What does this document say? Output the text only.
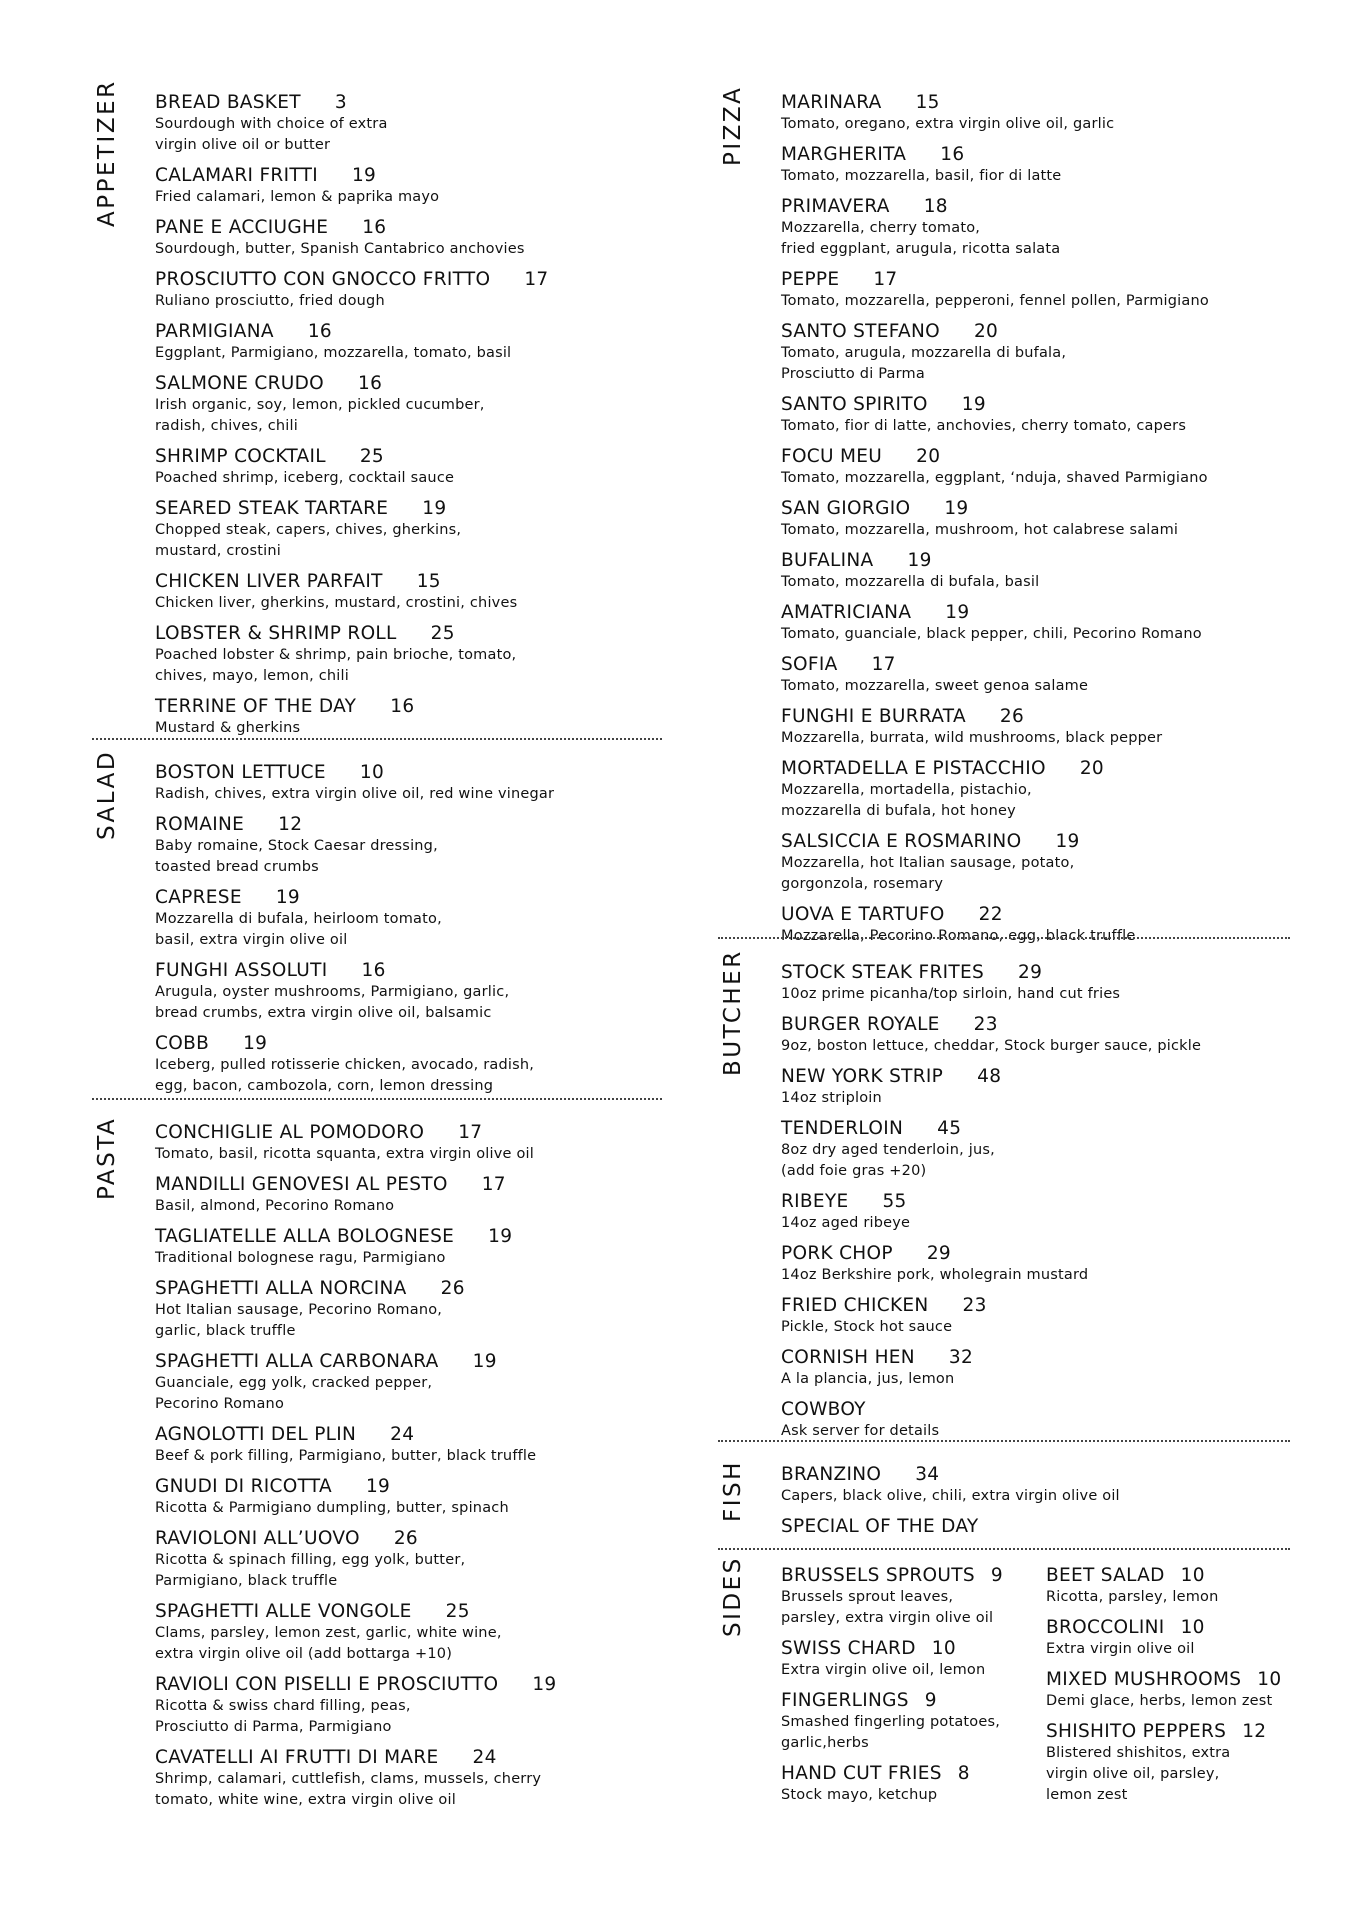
APPETIZER BREAD BASKET 3
Sourdough with choice of extra
virgin olive oil or butter
CALAMARI FRITTI 19
Fried calamari, lemon & paprika mayo
PANE E ACCIUGHE 16
Sourdough, butter, Spanish Cantabrico anchovies
PROSCIUTTO CON GNOCCO FRITTO 17
Ruliano prosciutto, fried dough
PARMIGIANA 16
Eggplant, Parmigiano, mozzarella, tomato, basil
SALMONE CRUDO 16
Irish organic, soy, lemon, pickled cucumber,
radish, chives, chili
SHRIMP COCKTAIL 25
Poached shrimp, iceberg, cocktail sauce
SEARED STEAK TARTARE 19
Chopped steak, capers, chives, gherkins,
mustard, crostini
CHICKEN LIVER PARFAIT 15
Chicken liver, gherkins, mustard, crostini, chives
LOBSTER & SHRIMP ROLL 25
Poached lobster & shrimp, pain brioche, tomato,
chives, mayo, lemon, chili
TERRINE OF THE DAY 16
Mustard & gherkins
SALAD BOSTON LETTUCE 10
Radish, chives, extra virgin olive oil, red wine vinegar
ROMAINE 12
Baby romaine, Stock Caesar dressing,
toasted bread crumbs
CAPRESE 19
Mozzarella di bufala, heirloom tomato,
basil, extra virgin olive oil
FUNGHI ASSOLUTI 16
Arugula, oyster mushrooms, Parmigiano, garlic,
bread crumbs, extra virgin olive oil, balsamic
COBB 19
Iceberg, pulled rotisserie chicken, avocado, radish,
egg, bacon, cambozola, corn, lemon dressing
PASTA CONCHIGLIE AL POMODORO 17
Tomato, basil, ricotta squanta, extra virgin olive oil
MANDILLI GENOVESI AL PESTO 17
Basil, almond, Pecorino Romano
TAGLIATELLE ALLA BOLOGNESE 19
Traditional bolognese ragu, Parmigiano
SPAGHETTI ALLA NORCINA 26
Hot Italian sausage, Pecorino Romano,
garlic, black truffle
SPAGHETTI ALLA CARBONARA 19
Guanciale, egg yolk, cracked pepper,
Pecorino Romano
AGNOLOTTI DEL PLIN 24
Beef & pork filling, Parmigiano, butter, black truffle
GNUDI DI RICOTTA 19
Ricotta & Parmigiano dumpling, butter, spinach
RAVIOLONI ALL’UOVO 26
Ricotta & spinach filling, egg yolk, butter,
Parmigiano, black truffle
SPAGHETTI ALLE VONGOLE 25
Clams, parsley, lemon zest, garlic, white wine,
extra virgin olive oil (add bottarga +10)
RAVIOLI CON PISELLI E PROSCIUTTO 19
Ricotta & swiss chard filling, peas,
Prosciutto di Parma, Parmigiano
CAVATELLI AI FRUTTI DI MARE 24
Shrimp, calamari, cuttlefish, clams, mussels, cherry
tomato, white wine, extra virgin olive oil
PIZZA MARINARA 15
Tomato, oregano, extra virgin olive oil, garlic
MARGHERITA 16
Tomato, mozzarella, basil, fior di latte
PRIMAVERA 18
Mozzarella, cherry tomato,
fried eggplant, arugula, ricotta salata
PEPPE 17
Tomato, mozzarella, pepperoni, fennel pollen, Parmigiano
SANTO STEFANO 20
Tomato, arugula, mozzarella di bufala,
Prosciutto di Parma
SANTO SPIRITO 19
Tomato, fior di latte, anchovies, cherry tomato, capers
FOCU MEU 20
Tomato, mozzarella, eggplant, ‘nduja, shaved Parmigiano
SAN GIORGIO 19
Tomato, mozzarella, mushroom, hot calabrese salami
BUFALINA 19
Tomato, mozzarella di bufala, basil
AMATRICIANA 19
Tomato, guanciale, black pepper, chili, Pecorino Romano
SOFIA 17
Tomato, mozzarella, sweet genoa salame
FUNGHI E BURRATA 26
Mozzarella, burrata, wild mushrooms, black pepper
MORTADELLA E PISTACCHIO 20
Mozzarella, mortadella, pistachio,
mozzarella di bufala, hot honey
SALSICCIA E ROSMARINO 19
Mozzarella, hot Italian sausage, potato,
gorgonzola, rosemary
UOVA E TARTUFO 22
Mozzarella, Pecorino Romano, egg, black truffle
BUTCHER STOCK STEAK FRITES 29
10oz prime picanha/top sirloin, hand cut fries
BURGER ROYALE 23
9oz, boston lettuce, cheddar, Stock burger sauce, pickle
NEW YORK STRIP 48
14oz striploin
TENDERLOIN 45
8oz dry aged tenderloin, jus,
(add foie gras +20)
RIBEYE 55
14oz aged ribeye
PORK CHOP 29
14oz Berkshire pork, wholegrain mustard
FRIED CHICKEN 23
Pickle, Stock hot sauce
CORNISH HEN 32
A la plancia, jus, lemon
COWBOY
Ask server for details
FISH BRANZINO 34
Capers, black olive, chili, extra virgin olive oil
SPECIAL OF THE DAY
SIDES BRUSSELS SPROUTS 9
Brussels sprout leaves,
parsley, extra virgin olive oil
SWISS CHARD 10
Extra virgin olive oil, lemon
FINGERLINGS 9
Smashed fingerling potatoes,
garlic,herbs
HAND CUT FRIES 8
Stock mayo, ketchup
BEET SALAD 10
Ricotta, parsley, lemon
BROCCOLINI 10
Extra virgin olive oil
MIXED MUSHROOMS 10
Demi glace, herbs, lemon zest
SHISHITO PEPPERS 12
Blistered shishitos, extra
virgin olive oil, parsley,
lemon zest
